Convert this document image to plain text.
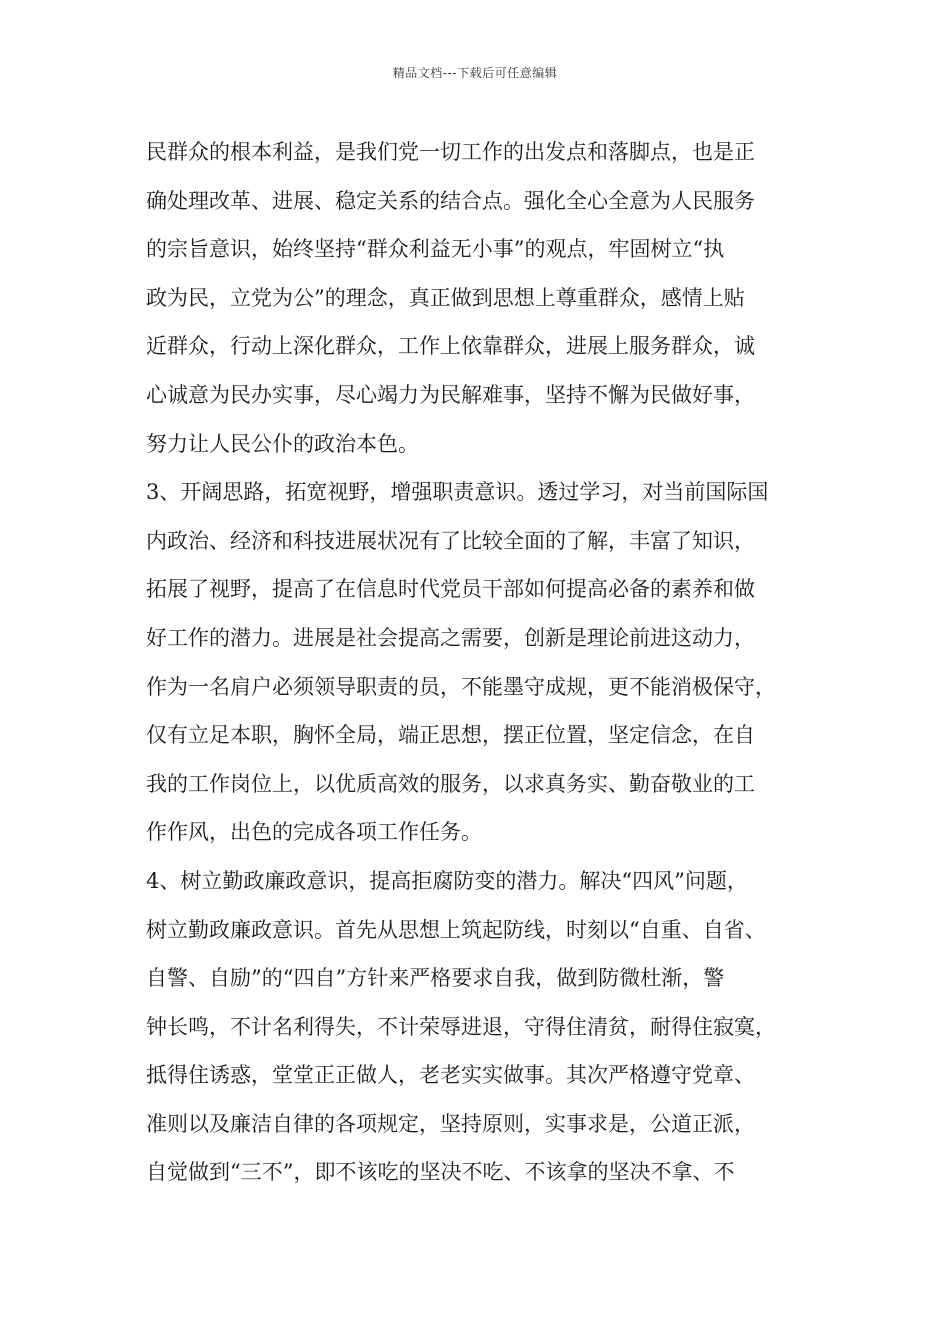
精品文档---下载后可任意编辑
民群众的根本利益，是我们党一切工作的出发点和落脚点，也是正
确处理改革、进展、稳定关系的结合点。强化全心全意为人民服务
的宗旨意识，始终坚持“群众利益无小事”的观点，牢固树立“执
政为民，立党为公”的理念，真正做到思想上尊重群众，感情上贴
近群众，行动上深化群众，工作上依靠群众，进展上服务群众，诚
心诚意为民办实事，尽心竭力为民解难事，坚持不懈为民做好事，
努力让人民公仆的政治本色。
3、开阔思路，拓宽视野，增强职责意识。透过学习，对当前国际国
内政治、经济和科技进展状况有了比较全面的了解，丰富了知识，
拓展了视野，提高了在信息时代党员干部如何提高必备的素养和做
好工作的潜力。进展是社会提高之需要，创新是理论前进这动力，
作为一名肩户必须领导职责的员，不能墨守成规，更不能消极保守，
仅有立足本职，胸怀全局，端正思想，摆正位置，坚定信念，在自
我的工作岗位上，以优质高效的服务，以求真务实、勤奋敬业的工
作作风，出色的完成各项工作任务。
4、树立勤政廉政意识，提高拒腐防变的潜力。解决“四风”问题，
树立勤政廉政意识。首先从思想上筑起防线，时刻以“自重、自省、
自警、自励”的“四自”方针来严格要求自我，做到防微杜渐，警
钟长鸣，不计名利得失，不计荣辱进退，守得住清贫，耐得住寂寞，
抵得住诱惑，堂堂正正做人，老老实实做事。其次严格遵守党章、
准则以及廉洁自律的各项规定，坚持原则，实事求是，公道正派，
自觉做到“三不”，即不该吃的坚决不吃、不该拿的坚决不拿、不
